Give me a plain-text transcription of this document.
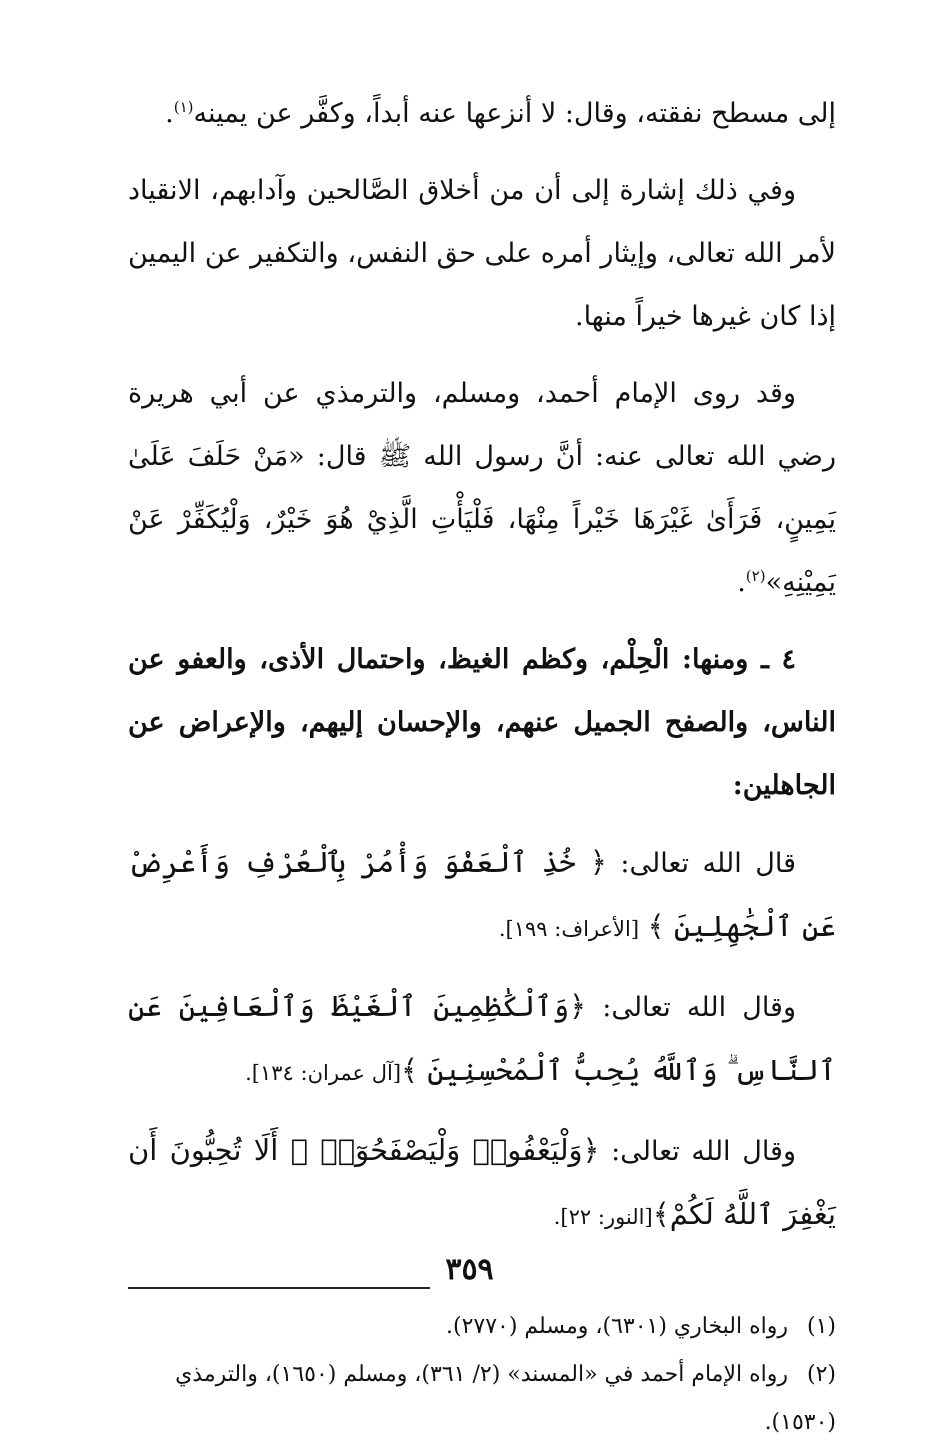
إلى مسطح نفقته، وقال: لا أنزعها عنه أبداً، وكفَّر عن يمينه$^{(١)}$.

وفي ذلك إشارة إلى أن من أخلاق الصَّالحين وآدابهم، الانقياد لأمر الله تعالى، وإيثار أمره على حق النفس، والتكفير عن اليمين إذا كان غيرها خيراً منها.

وقد روى الإمام أحمد، ومسلم، والترمذي عن أبي هريرة رضي الله تعالى عنه: أنَّ رسول الله ﷺ قال: «مَنْ حَلَفَ عَلَىٰ يَمِينٍ، فَرَأَىٰ غَيْرَهَا خَيْراً مِنْهَا، فَلْيَأْتِ الَّذِيْ هُوَ خَيْرٌ، وَلْيُكَفِّرْ عَنْ يَمِيْنِهِ»$^{(٢)}$.

٤ ـ ومنها: الْحِلْم، وكظم الغيظ، واحتمال الأذى، والعفو عن الناس، والصفح الجميل عنهم، والإحسان إليهم، والإعراض عن الجاهلين:

قال الله تعالى: ﴿ خُذِ ٱلْعَفْوَ وَأْمُرْ بِٱلْعُرْفِ وَأَعْرِضْ عَنِ ٱلْجَٰهِلِينَ ﴾ [الأعراف: ١٩٩].

وقال الله تعالى: ﴿وَٱلْكَٰظِمِينَ ٱلْغَيْظَ وَٱلْعَافِينَ عَنِ ٱلنَّاسِ ۗ وَٱللَّهُ يُحِبُّ ٱلْمُحْسِنِينَ ﴾[آل عمران: ١٣٤].

وقال الله تعالى: ﴿وَلْيَعْفُوا۟ وَلْيَصْفَحُوٓا۟ ۗ أَلَا تُحِبُّونَ أَن يَغْفِرَ ٱللَّهُ لَكُمْ﴾[النور: ٢٢].

(١)رواه البخاري (٦٣٠١)، ومسلم (٢٧٧٠).

(٢)رواه الإمام أحمد في «المسند» (٢/ ٣٦١)، ومسلم (١٦٥٠)، والترمذي (١٥٣٠).

٣٥٩
